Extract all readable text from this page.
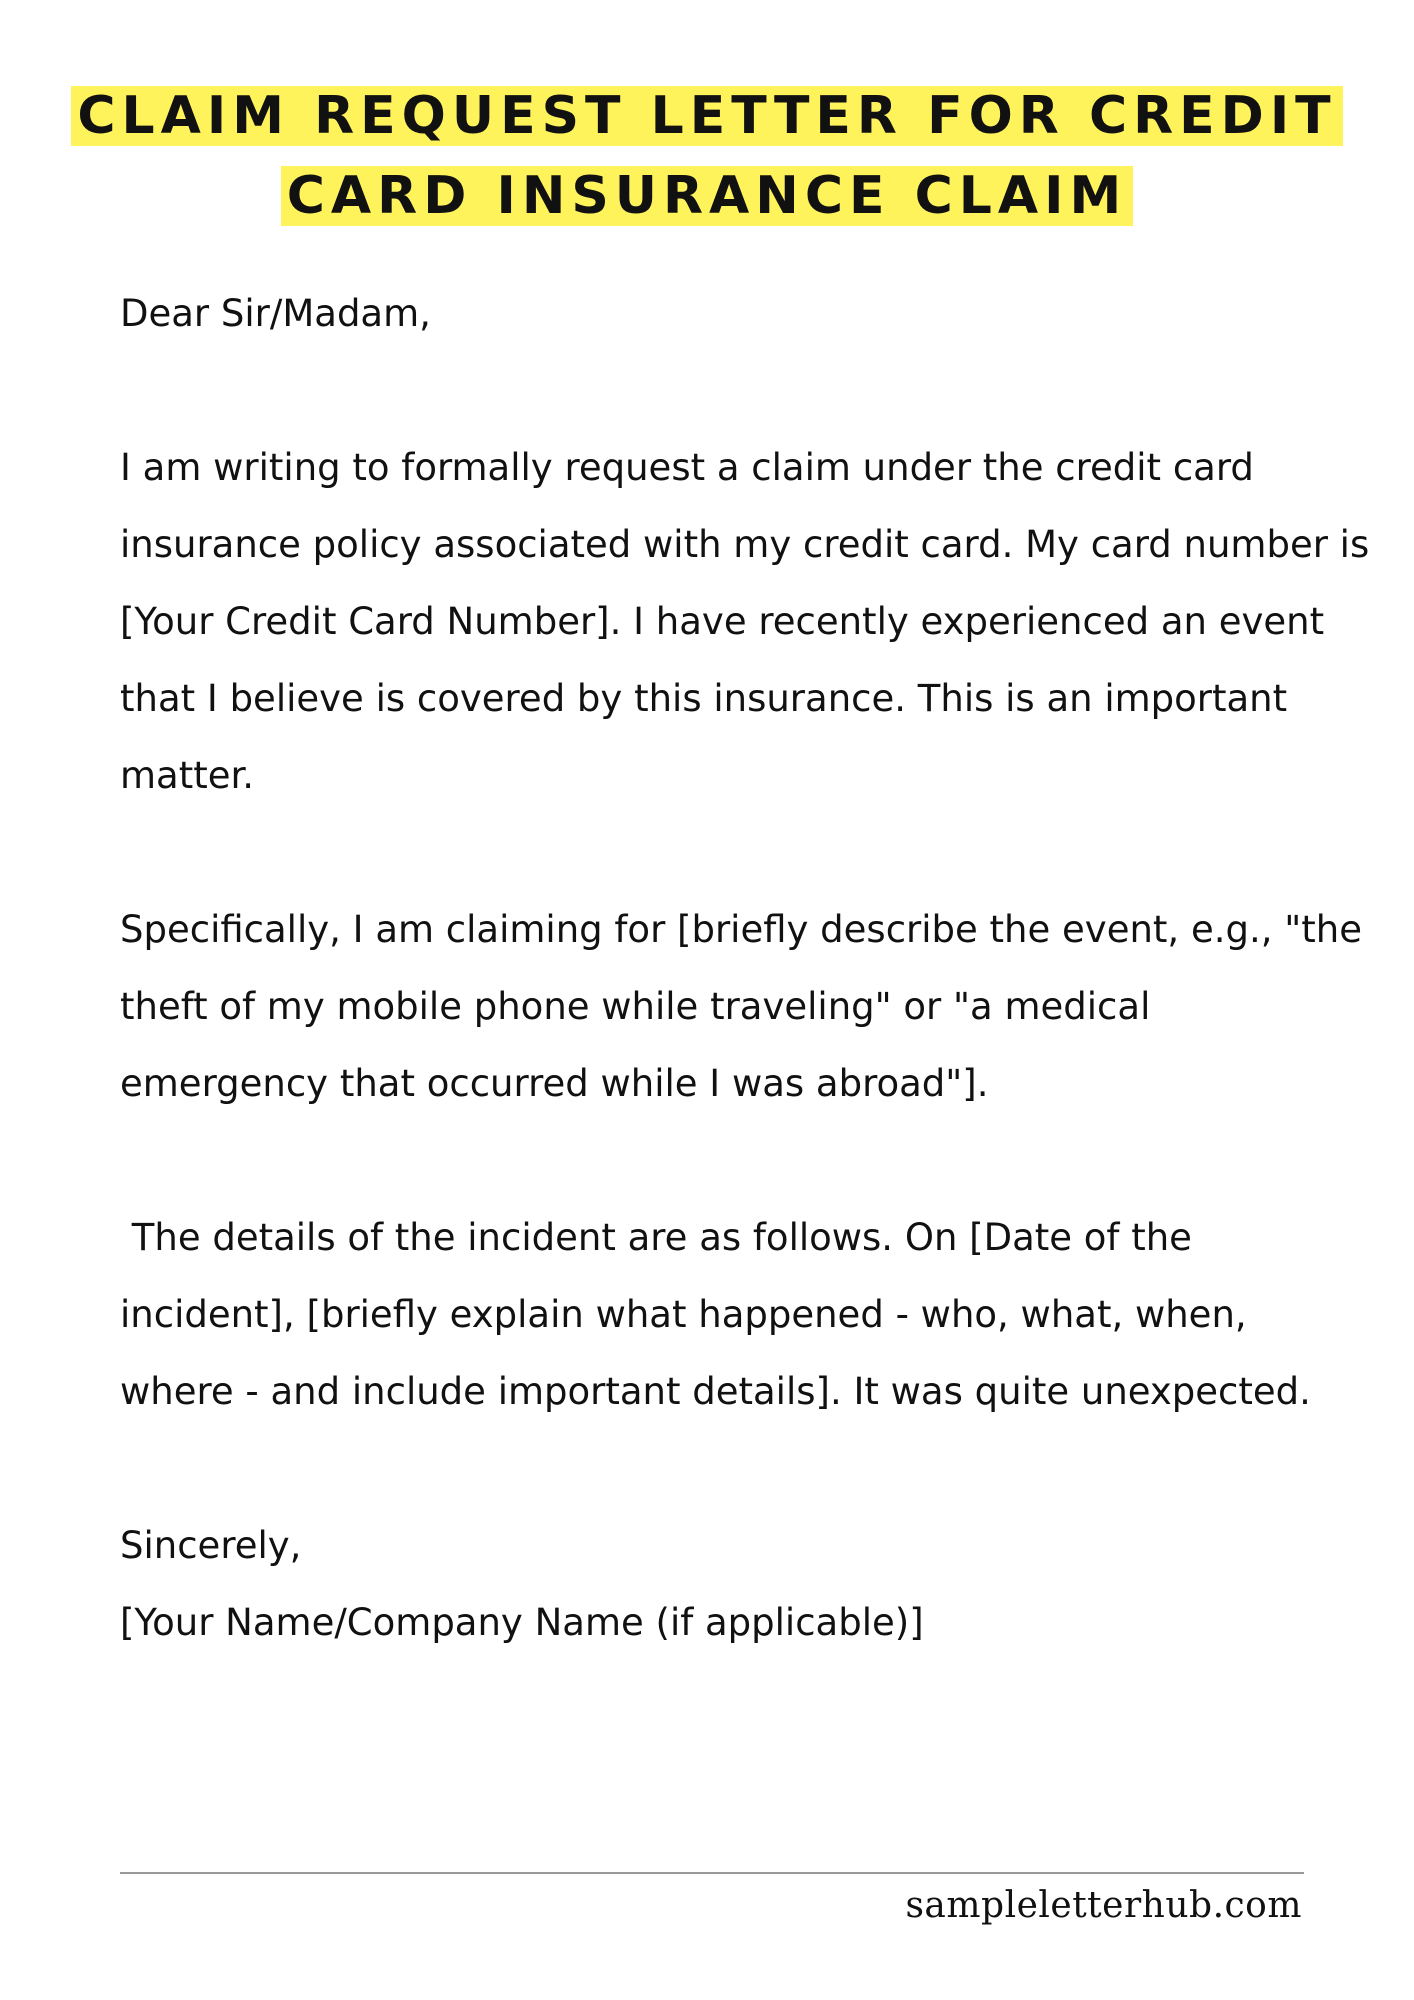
CLAIM REQUEST LETTER FOR CREDIT
CARD INSURANCE CLAIM

Dear Sir/Madam,

I am writing to formally request a claim under the credit card insurance policy associated with my credit card. My card number is [Your Credit Card Number]. I have recently experienced an event that I believe is covered by this insurance. This is an important matter.

Specifically, I am claiming for [briefly describe the event, e.g., "the theft of my mobile phone while traveling" or "a medical emergency that occurred while I was abroad"].

The details of the incident are as follows. On [Date of the incident], [briefly explain what happened - who, what, when, where - and include important details]. It was quite unexpected.

Sincerely,

[Your Name/Company Name (if applicable)]

sampleletterhub.com
